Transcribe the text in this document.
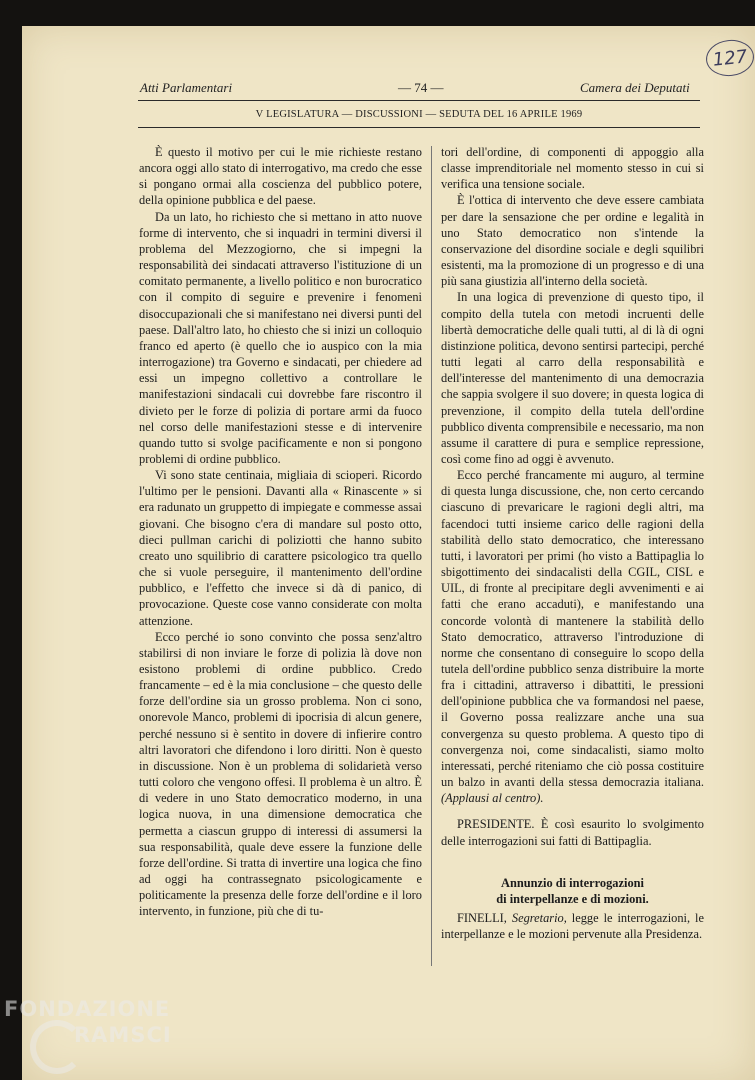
127
Atti Parlamentari	— 74 —	Camera dei Deputati
V LEGISLATURA — DISCUSSIONI — SEDUTA DEL 16 APRILE 1969

È questo il motivo per cui le mie richieste restano ancora oggi allo stato di interrogativo, ma credo che esse si pongano ormai alla coscienza del pubblico potere, della opinione pubblica e del paese.

Da un lato, ho richiesto che si mettano in atto nuove forme di intervento, che si inquadri in termini diversi il problema del Mezzogiorno, che si impegni la responsabilità dei sindacati attraverso l'istituzione di un comitato permanente, a livello politico e non burocratico con il compito di seguire e prevenire i fenomeni disoccupazionali che si manifestano nei diversi punti del paese. Dall'altro lato, ho chiesto che si inizi un colloquio franco ed aperto (è quello che io auspico con la mia interrogazione) tra Governo e sindacati, per chiedere ad essi un impegno collettivo a controllare le manifestazioni sindacali cui dovrebbe fare riscontro il divieto per le forze di polizia di portare armi da fuoco nel corso delle manifestazioni stesse e di intervenire quando tutto si svolge pacificamente e non si pongono problemi di ordine pubblico.

Vi sono state centinaia, migliaia di scioperi. Ricordo l'ultimo per le pensioni. Davanti alla « Rinascente » si era radunato un gruppetto di impiegate e commesse assai giovani. Che bisogno c'era di mandare sul posto otto, dieci pullman carichi di poliziotti che hanno subito creato uno squilibrio di carattere psicologico tra quello che si vuole perseguire, il mantenimento dell'ordine pubblico, e l'effetto che invece si dà di panico, di provocazione. Queste cose vanno considerate con molta attenzione.

Ecco perché io sono convinto che possa senz'altro stabilirsi di non inviare le forze di polizia là dove non esistono problemi di ordine pubblico. Credo francamente – ed è la mia conclusione – che questo delle forze dell'ordine sia un grosso problema. Non ci sono, onorevole Manco, problemi di ipocrisia di alcun genere, perché nessuno si è sentito in dovere di infierire contro altri lavoratori che difendono i loro diritti. Non è questo in discussione. Non è un problema di solidarietà verso tutti coloro che vengono offesi. Il problema è un altro. È di vedere in uno Stato democratico moderno, in una logica nuova, in una dimensione democratica che permetta a ciascun gruppo di interessi di assumersi la sua responsabilità, quale deve essere la funzione delle forze dell'ordine. Si tratta di invertire una logica che fino ad oggi ha contrassegnato psicologicamente e politicamente la presenza delle forze dell'ordine e il loro intervento, in funzione, più che di tu-

tori dell'ordine, di componenti di appoggio alla classe imprenditoriale nel momento stesso in cui si verifica una tensione sociale.

È l'ottica di intervento che deve essere cambiata per dare la sensazione che per ordine e legalità in uno Stato democratico non s'intende la conservazione del disordine sociale e degli squilibri esistenti, ma la promozione di un progresso e di una più sana giustizia all'interno della società.

In una logica di prevenzione di questo tipo, il compito della tutela con metodi incruenti delle libertà democratiche delle quali tutti, al di là di ogni distinzione politica, devono sentirsi partecipi, perché tutti legati al carro della responsabilità e dell'interesse del mantenimento di una democrazia che sappia svolgere il suo dovere; in questa logica di prevenzione, il compito della tutela dell'ordine pubblico diventa comprensibile e necessario, ma non assume il carattere di pura e semplice repressione, così come fino ad oggi è avvenuto.

Ecco perché francamente mi auguro, al termine di questa lunga discussione, che, non certo cercando ciascuno di prevaricare le ragioni degli altri, ma facendoci tutti insieme carico delle ragioni della stabilità dello stato democratico, che interessano tutti, i lavoratori per primi (ho visto a Battipaglia lo sbigottimento dei sindacalisti della CGIL, CISL e UIL, di fronte al precipitare degli avvenimenti e ai fatti che erano accaduti), e manifestando una concorde volontà di mantenere la stabilità dello Stato democratico, attraverso l'introduzione di norme che consentano di conseguire lo scopo della tutela dell'ordine pubblico senza distribuire la morte fra i cittadini, attraverso i dibattiti, le pressioni dell'opinione pubblica che va formandosi nel paese, il Governo possa realizzare anche una sua convergenza su questo problema. A questo tipo di convergenza noi, come sindacalisti, siamo molto interessati, perché riteniamo che ciò possa costituire un balzo in avanti della stessa democrazia italiana. (Applausi al centro).

PRESIDENTE. È così esaurito lo svolgimento delle interrogazioni sui fatti di Battipaglia.

Annunzio di interrogazioni

di interpellanze e di mozioni.

FINELLI, Segretario, legge le interrogazioni, le interpellanze e le mozioni pervenute alla Presidenza.

FONDAZIONE
RAMSCI
